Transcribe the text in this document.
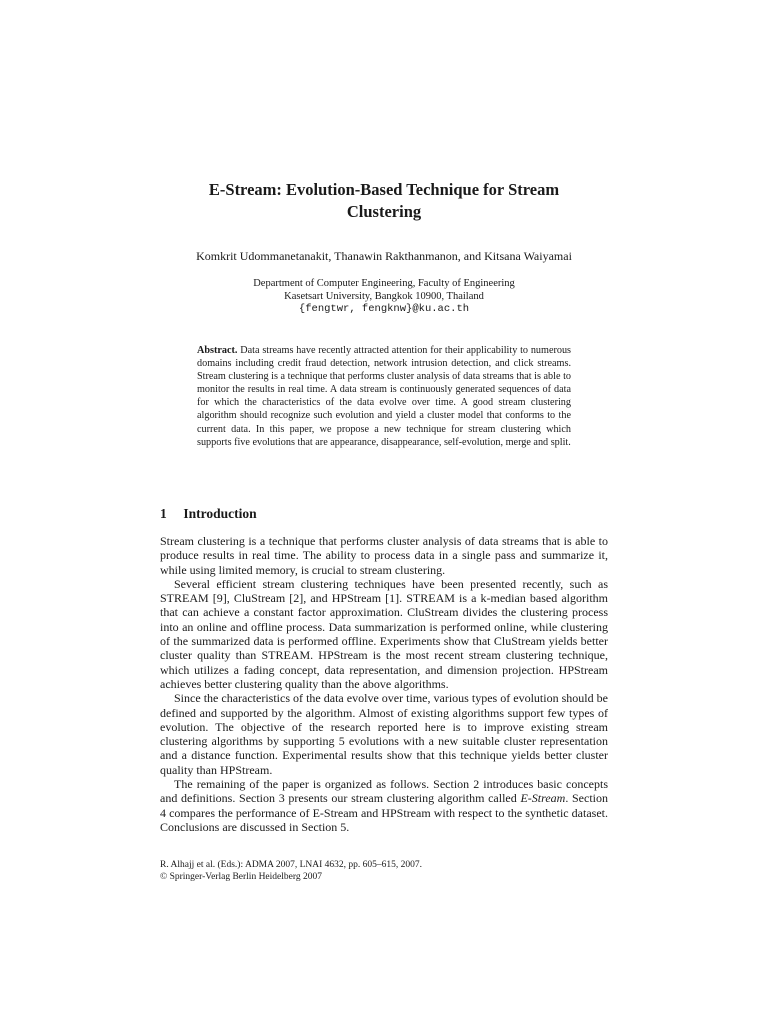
E-Stream: Evolution-Based Technique for Stream
Clustering
Komkrit Udommanetanakit, Thanawin Rakthanmanon, and Kitsana Waiyamai
Department of Computer Engineering, Faculty of Engineering
Kasetsart University, Bangkok 10900, Thailand
{fengtwr, fengknw}@ku.ac.th
Abstract. Data streams have recently attracted attention for their applicability to numerous domains including credit fraud detection, network intrusion detection, and click streams. Stream clustering is a technique that performs cluster analysis of data streams that is able to monitor the results in real time. A data stream is continuously generated sequences of data for which the characteristics of the data evolve over time. A good stream clustering algorithm should recognize such evolution and yield a cluster model that conforms to the current data. In this paper, we propose a new technique for stream clustering which supports five evolutions that are appearance, disappearance, self-evolution, merge and split.
1 Introduction

Stream clustering is a technique that performs cluster analysis of data streams that is able to produce results in real time. The ability to process data in a single pass and summarize it, while using limited memory, is crucial to stream clustering.

Several efficient stream clustering techniques have been presented recently, such as STREAM [9], CluStream [2], and HPStream [1]. STREAM is a k-median based algorithm that can achieve a constant factor approximation. CluStream divides the clustering process into an online and offline process. Data summarization is performed online, while clustering of the summarized data is performed offline. Experiments show that CluStream yields better cluster quality than STREAM. HPStream is the most recent stream clustering technique, which utilizes a fading concept, data representation, and dimension projection. HPStream achieves better clustering quality than the above algorithms.

Since the characteristics of the data evolve over time, various types of evolution should be defined and supported by the algorithm. Almost of existing algorithms support few types of evolution. The objective of the research reported here is to improve existing stream clustering algorithms by supporting 5 evolutions with a new suitable cluster representation and a distance function. Experimental results show that this technique yields better cluster quality than HPStream.

The remaining of the paper is organized as follows. Section 2 introduces basic concepts and definitions. Section 3 presents our stream clustering algorithm called E-Stream. Section 4 compares the performance of E-Stream and HPStream with respect to the synthetic dataset. Conclusions are discussed in Section 5.

R. Alhajj et al. (Eds.): ADMA 2007, LNAI 4632, pp. 605–615, 2007.
© Springer-Verlag Berlin Heidelberg 2007
